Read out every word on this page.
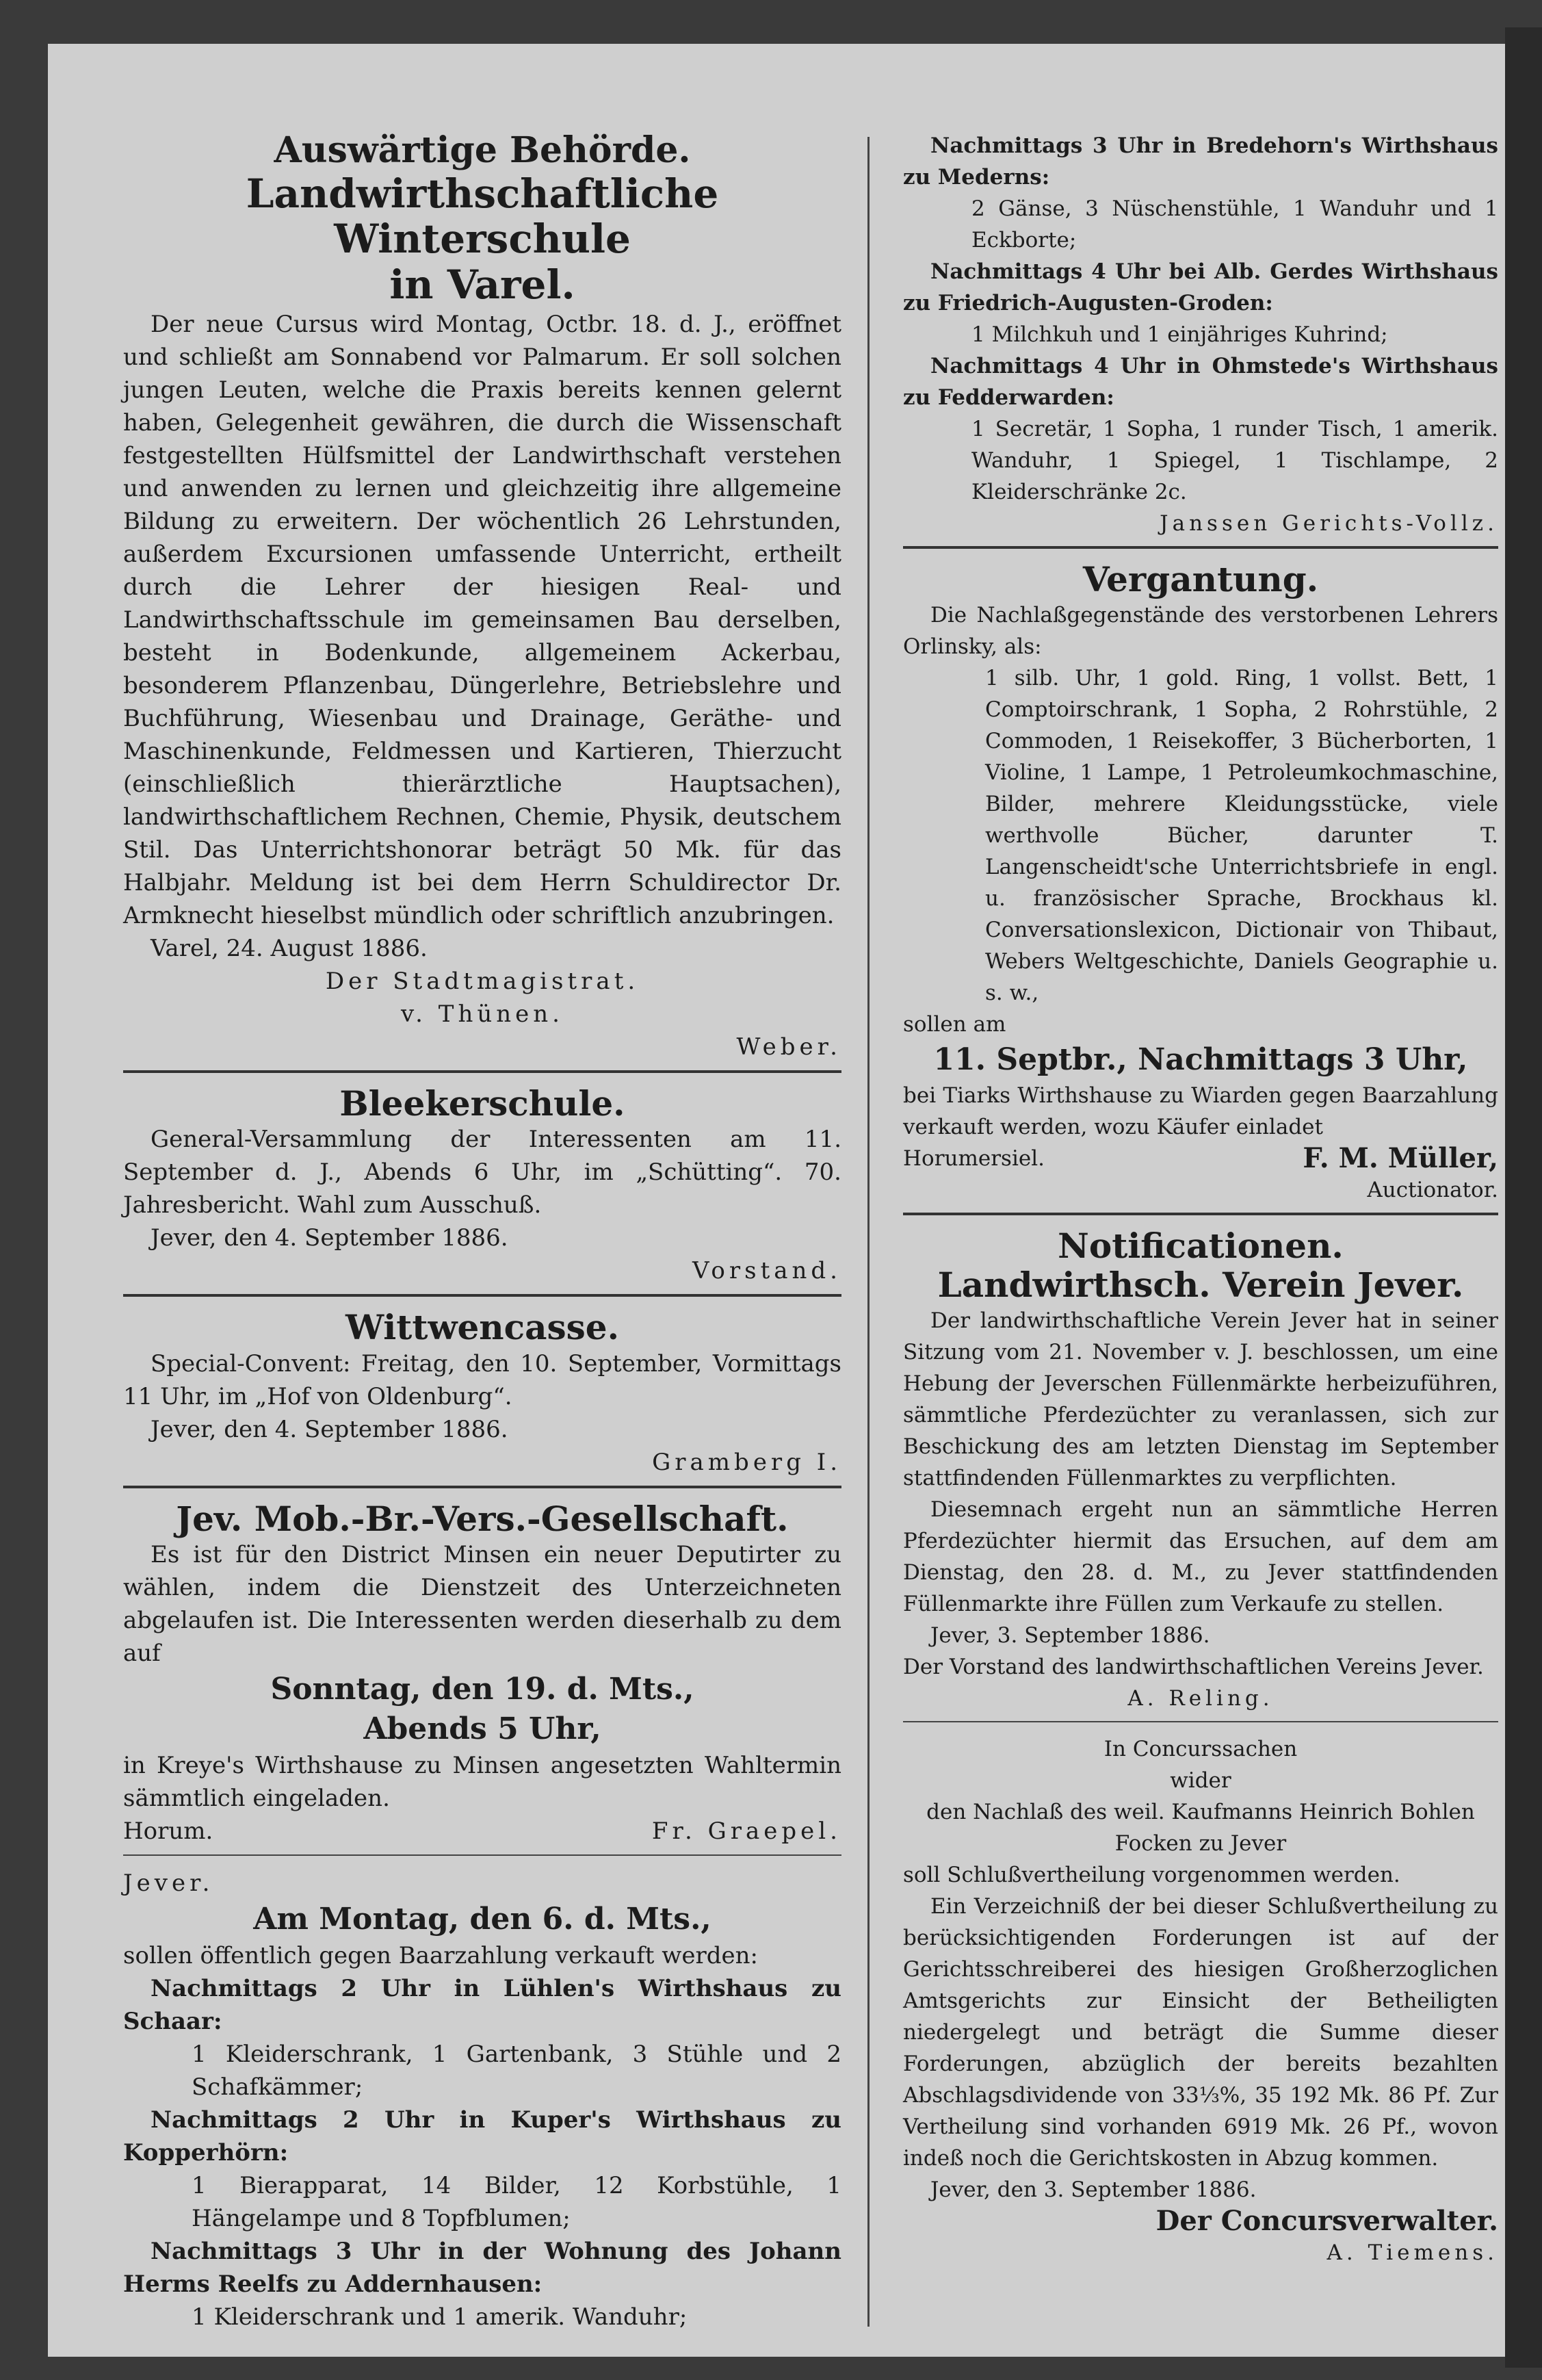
Auswärtige Behörde.
Landwirthschaftliche Winterschule
in Varel.

Der neue Cursus wird Montag, Octbr. 18. d. J., eröffnet und schließt am Sonnabend vor Palmarum. Er soll solchen jungen Leuten, welche die Praxis bereits kennen gelernt haben, Gelegenheit gewähren, die durch die Wissenschaft festgestellten Hülfsmittel der Landwirthschaft verstehen und anwenden zu lernen und gleichzeitig ihre allgemeine Bildung zu erweitern. Der wöchentlich 26 Lehrstunden, außerdem Excursionen umfassende Unterricht, ertheilt durch die Lehrer der hiesigen Real- und Landwirthschaftsschule im gemeinsamen Bau derselben, besteht in Bodenkunde, allgemeinem Ackerbau, besonderem Pflanzenbau, Düngerlehre, Betriebslehre und Buchführung, Wiesenbau und Drainage, Geräthe- und Maschinenkunde, Feldmessen und Kartieren, Thierzucht (einschließlich thierärztliche Hauptsachen), landwirthschaftlichem Rechnen, Chemie, Physik, deutschem Stil. Das Unterrichtshonorar beträgt 50 Mk. für das Halbjahr. Meldung ist bei dem Herrn Schuldirector Dr. Armknecht hieselbst mündlich oder schriftlich anzubringen.

Varel, 24. August 1886.

Der Stadtmagistrat.

v. Thünen.

Weber.

Bleekerschule.

General-Versammlung der Interessenten am 11. September d. J., Abends 6 Uhr, im „Schütting“. 70. Jahresbericht. Wahl zum Ausschuß.

Jever, den 4. September 1886.

Vorstand.

Wittwencasse.

Special-Convent: Freitag, den 10. September, Vormittags 11 Uhr, im „Hof von Oldenburg“.

Jever, den 4. September 1886.

Gramberg I.

Jev. Mob.-Br.-Vers.-Gesellschaft.

Es ist für den District Minsen ein neuer Deputirter zu wählen, indem die Dienstzeit des Unterzeichneten abgelaufen ist. Die Interessenten werden dieserhalb zu dem auf

Sonntag, den 19. d. Mts.,
Abends 5 Uhr,

in Kreye's Wirthshause zu Minsen angesetzten Wahltermin sämmtlich eingeladen.

Horum.	Fr. Graepel.

Jever.

Am Montag, den 6. d. Mts.,

sollen öffentlich gegen Baarzahlung verkauft werden:

Nachmittags 2 Uhr in Lühlen's Wirthshaus zu Schaar:

1 Kleiderschrank, 1 Gartenbank, 3 Stühle und 2 Schafkämmer;

Nachmittags 2 Uhr in Kuper's Wirthshaus zu Kopperhörn:

1 Bierapparat, 14 Bilder, 12 Korbstühle, 1 Hängelampe und 8 Topfblumen;

Nachmittags 3 Uhr in der Wohnung des Johann Herms Reelfs zu Addernhausen:

1 Kleiderschrank und 1 amerik. Wanduhr;

Nachmittags 3 Uhr in Bredehorn's Wirthshaus zu Mederns:

2 Gänse, 3 Nüschenstühle, 1 Wanduhr und 1 Eckborte;

Nachmittags 4 Uhr bei Alb. Gerdes Wirthshaus zu Friedrich-Augusten-Groden:

1 Milchkuh und 1 einjähriges Kuhrind;

Nachmittags 4 Uhr in Ohmstede's Wirthshaus zu Fedderwarden:

1 Secretär, 1 Sopha, 1 runder Tisch, 1 amerik. Wanduhr, 1 Spiegel, 1 Tischlampe, 2 Kleiderschränke 2c.

Janssen Gerichts-Vollz.

Vergantung.

Die Nachlaßgegenstände des verstorbenen Lehrers Orlinsky, als:

1 silb. Uhr, 1 gold. Ring, 1 vollst. Bett, 1 Comptoirschrank, 1 Sopha, 2 Rohrstühle, 2 Commoden, 1 Reisekoffer, 3 Bücherborten, 1 Violine, 1 Lampe, 1 Petroleumkochmaschine, Bilder, mehrere Kleidungsstücke, viele werthvolle Bücher, darunter T. Langenscheidt'sche Unterrichtsbriefe in engl. u. französischer Sprache, Brockhaus kl. Conversationslexicon, Dictionair von Thibaut, Webers Weltgeschichte, Daniels Geographie u. s. w.,

sollen am

11. Septbr., Nachmittags 3 Uhr,

bei Tiarks Wirthshause zu Wiarden gegen Baarzahlung verkauft werden, wozu Käufer einladet

Horumersiel.	F. M. Müller,

Auctionator.

Notificationen.
Landwirthsch. Verein Jever.

Der landwirthschaftliche Verein Jever hat in seiner Sitzung vom 21. November v. J. beschlossen, um eine Hebung der Jeverschen Füllenmärkte herbeizuführen, sämmtliche Pferdezüchter zu veranlassen, sich zur Beschickung des am letzten Dienstag im September stattfindenden Füllenmarktes zu verpflichten.

Diesemnach ergeht nun an sämmtliche Herren Pferdezüchter hiermit das Ersuchen, auf dem am Dienstag, den 28. d. M., zu Jever stattfindenden Füllenmarkte ihre Füllen zum Verkaufe zu stellen.

Jever, 3. September 1886.

Der Vorstand des landwirthschaftlichen Vereins Jever.

A. Reling.

In Concurssachen

wider

den Nachlaß des weil. Kaufmanns Heinrich Bohlen Focken zu Jever

soll Schlußvertheilung vorgenommen werden.

Ein Verzeichniß der bei dieser Schlußvertheilung zu berücksichtigenden Forderungen ist auf der Gerichtsschreiberei des hiesigen Großherzoglichen Amtsgerichts zur Einsicht der Betheiligten niedergelegt und beträgt die Summe dieser Forderungen, abzüglich der bereits bezahlten Abschlagsdividende von 33⅓%, 35 192 Mk. 86 Pf. Zur Vertheilung sind vorhanden 6919 Mk. 26 Pf., wovon indeß noch die Gerichtskosten in Abzug kommen.

Jever, den 3. September 1886.

Der Concursverwalter.

A. Tiemens.
